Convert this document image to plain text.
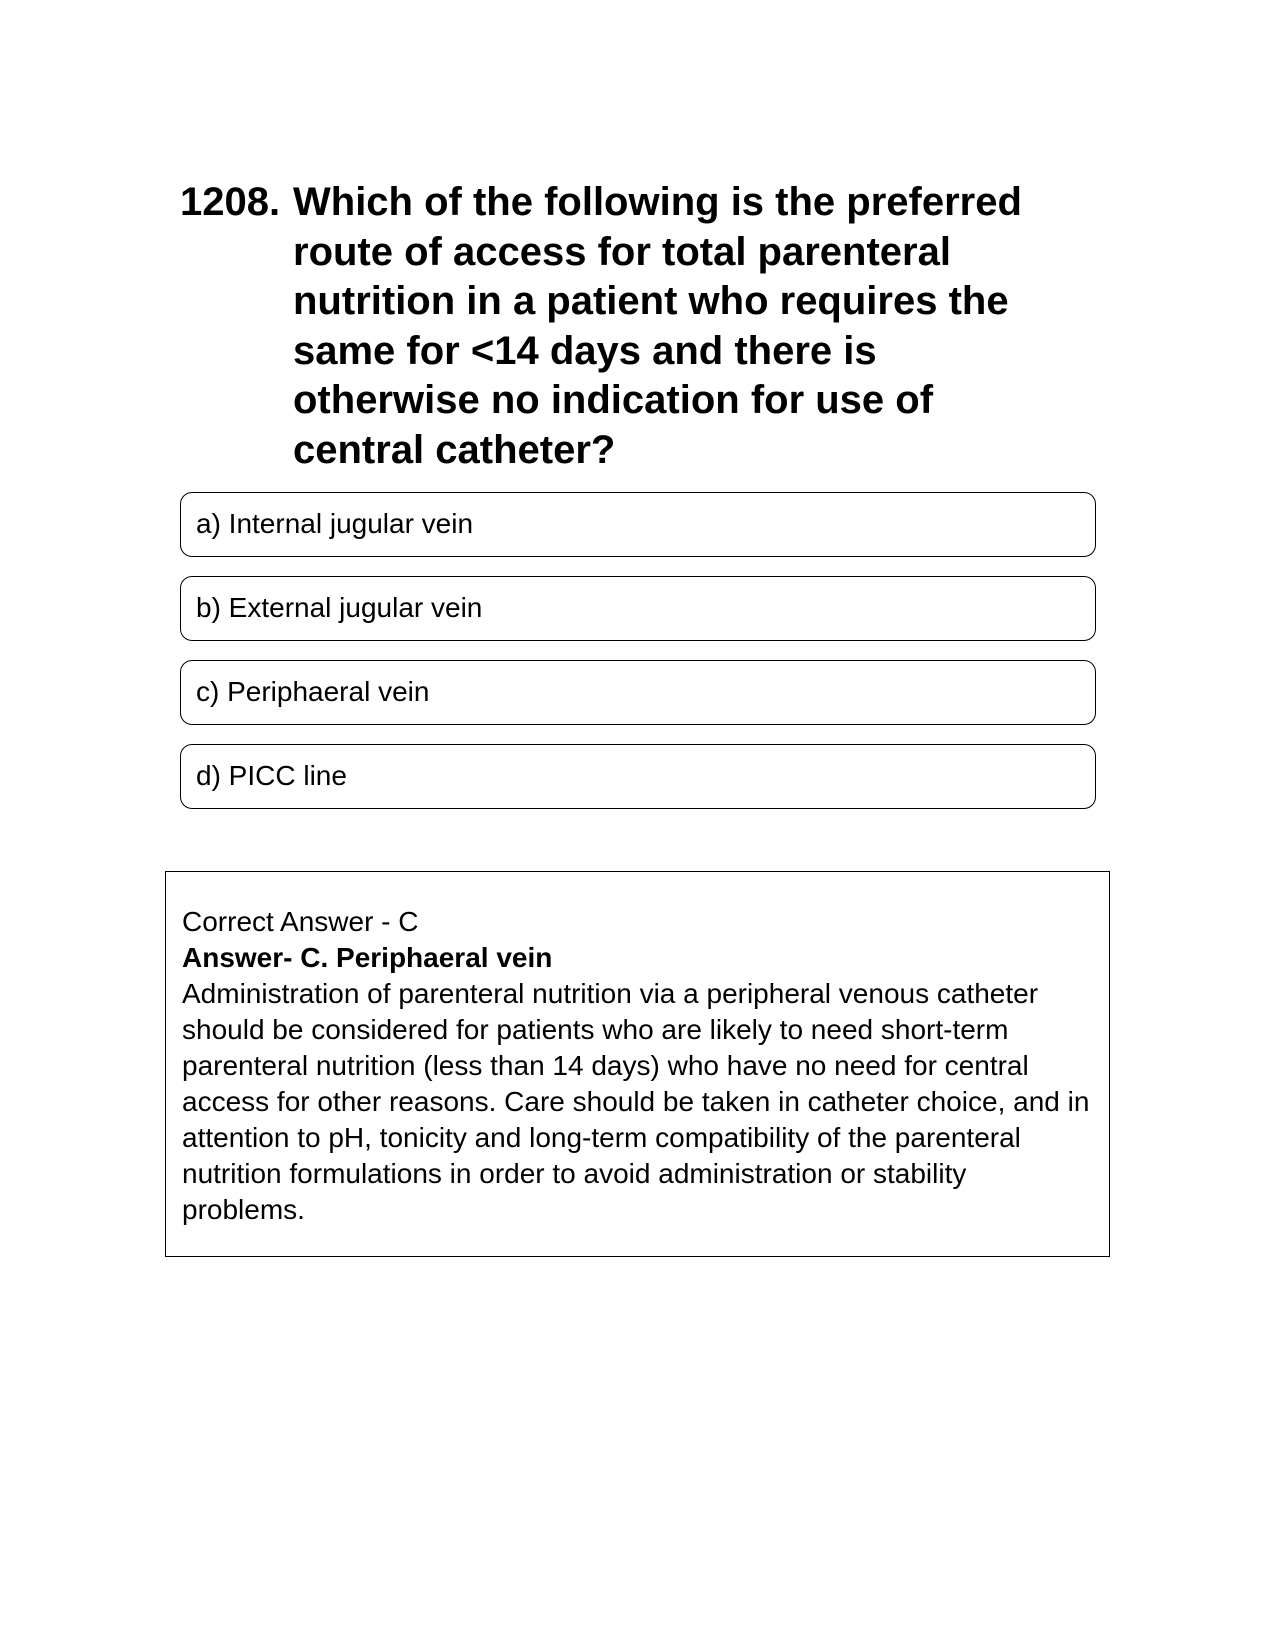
1208. Which of the following is the preferred route of access for total parenteral nutrition in a patient who requires the same for <14 days and there is otherwise no indication for use of central catheter?
a) Internal jugular vein
b) External jugular vein
c) Periphaeral vein
d) PICC line
Correct Answer - C
Answer- C. Periphaeral vein
Administration of parenteral nutrition via a peripheral venous catheter should be considered for patients who are likely to need short-term parenteral nutrition (less than 14 days) who have no need for central access for other reasons. Care should be taken in catheter choice, and in attention to pH, tonicity and long-term compatibility of the parenteral nutrition formulations in order to avoid administration or stability problems.
